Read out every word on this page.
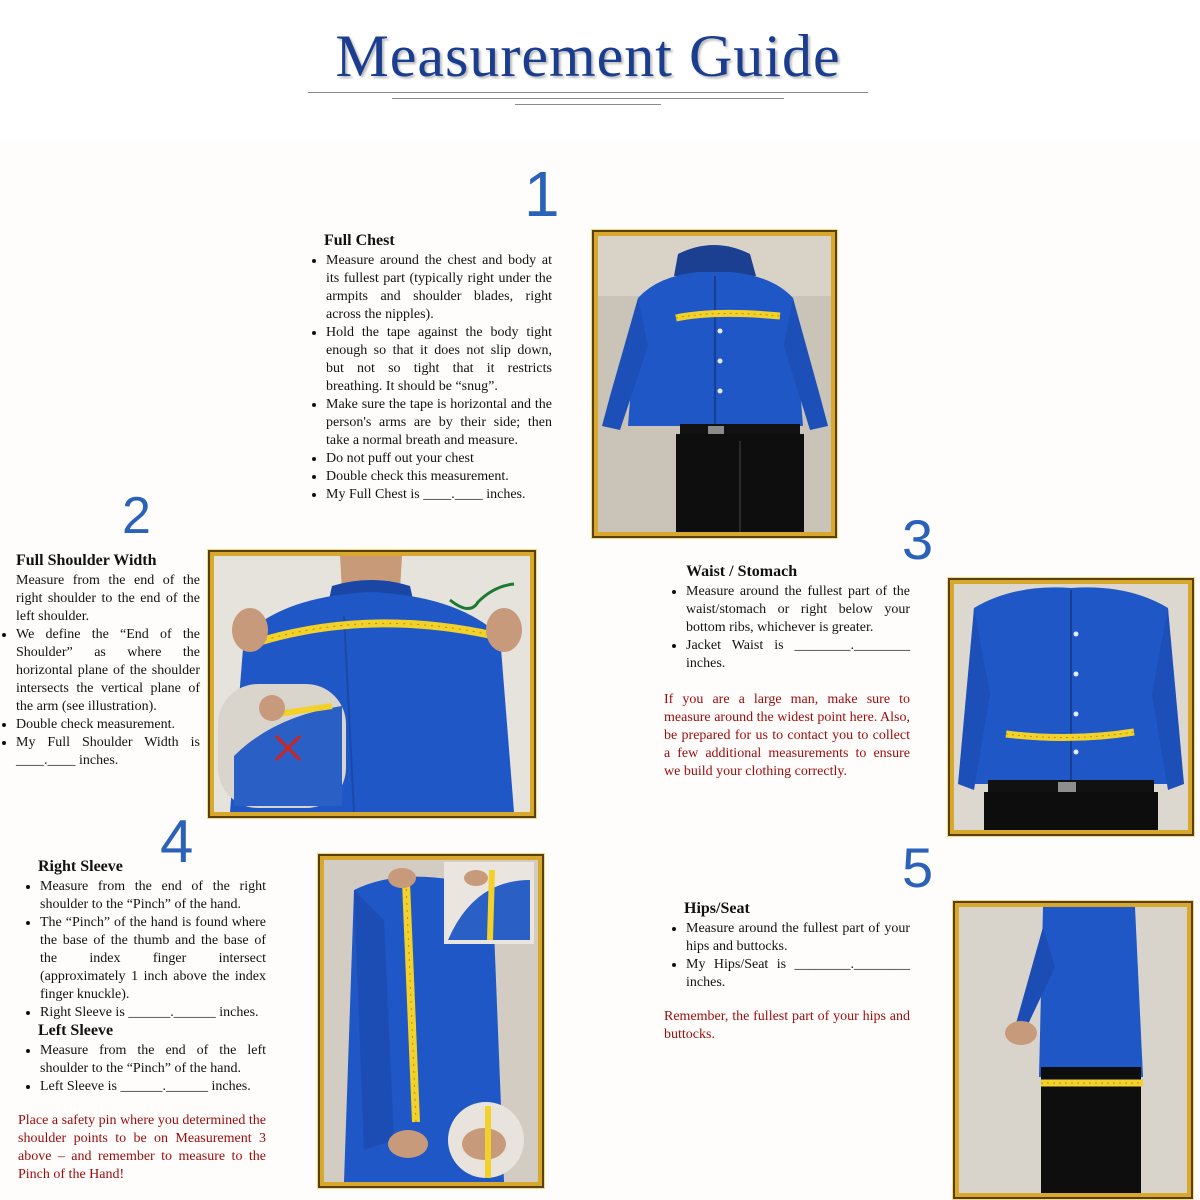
Measurement Guide
1
Full Chest
• Measure around the chest and body at its fullest part (typically right under the armpits and shoulder blades, right across the nipples).
• Hold the tape against the body tight enough so that it does not slip down, but not so tight that it restricts breathing. It should be “snug”.
• Make sure the tape is horizontal and the person's arms are by their side; then take a normal breath and measure.
• Do not puff out your chest
• Double check this measurement.
• My Full Chest is ____.____ inches.
2
Full Shoulder Width

Measure from the end of the right shoulder to the end of the left shoulder.

• We define the “End of the Shoulder” as where the horizontal plane of the shoulder intersects the vertical plane of the arm (see illustration).
• Double check measurement.
• My Full Shoulder Width is ____.____ inches.
3
Waist / Stomach
• Measure around the fullest part of the waist/stomach or right below your bottom ribs, whichever is greater.
• Jacket Waist is ________.________ inches.

If you are a large man, make sure to measure around the widest point here. Also, be prepared for us to contact you to collect a few additional measurements to ensure we build your clothing correctly.

4
Right Sleeve
• Measure from the end of the right shoulder to the “Pinch” of the hand.
• The “Pinch” of the hand is found where the base of the thumb and the base of the index finger intersect (approximately 1 inch above the index finger knuckle).
• Right Sleeve is ______.______ inches.
Left Sleeve
• Measure from the end of the left shoulder to the “Pinch” of the hand.
• Left Sleeve is ______.______ inches.

Place a safety pin where you determined the shoulder points to be on Measurement 3 above – and remember to measure to the Pinch of the Hand!

5
Hips/Seat
• Measure around the fullest part of your hips and buttocks.
• My Hips/Seat is ________.________ inches.

Remember, the fullest part of your hips and buttocks.
